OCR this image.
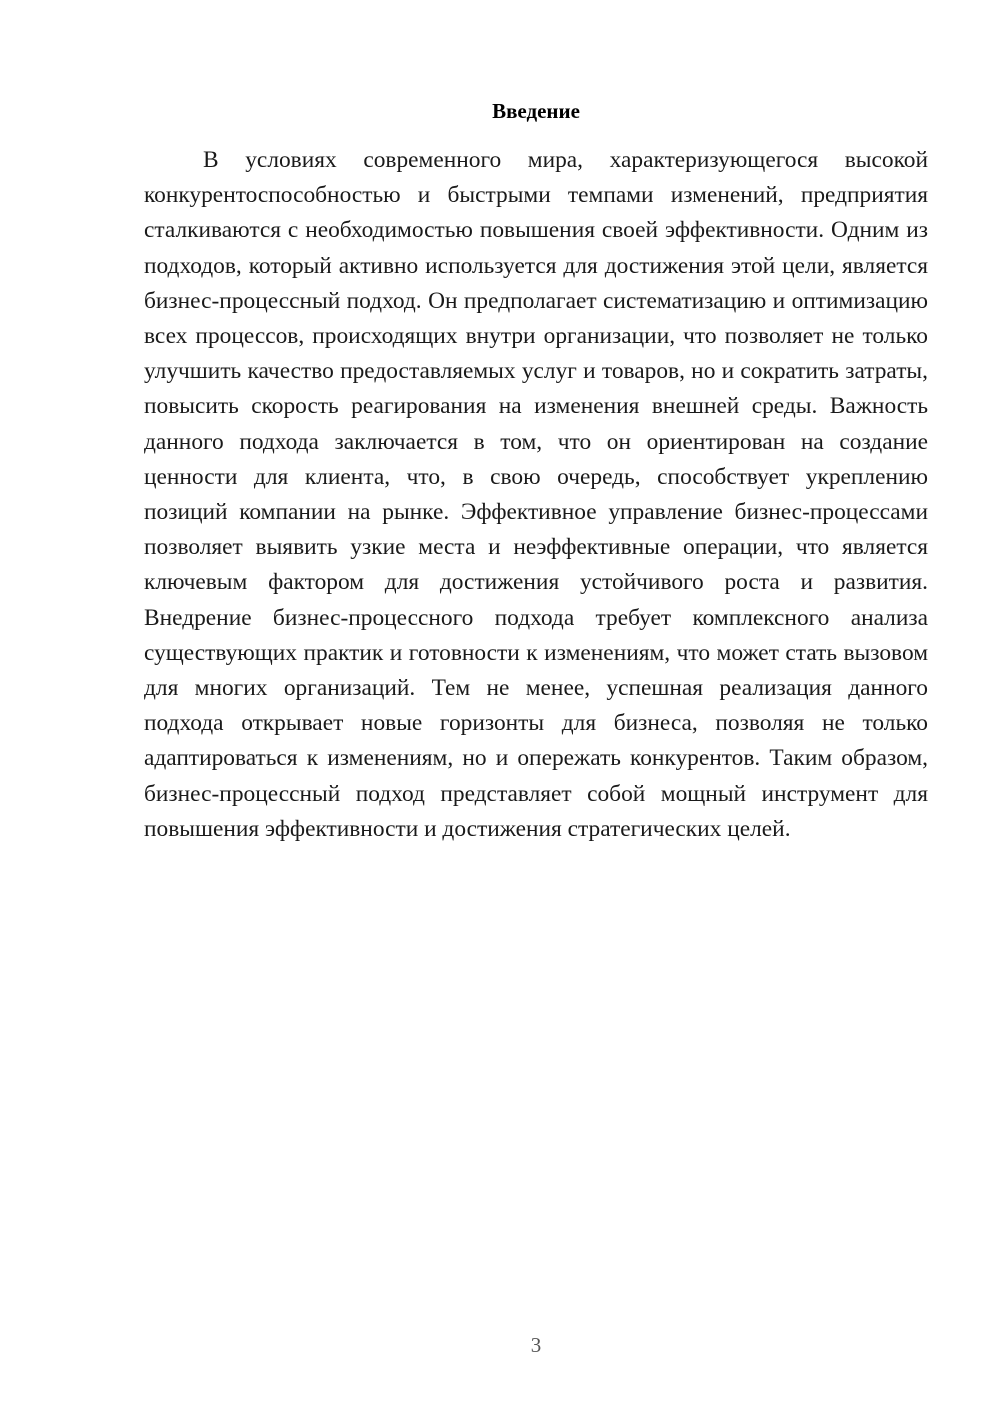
Введение

В условиях современного мира, характеризующегося высокой конкурентоспособностью и быстрыми темпами изменений, предприятия сталкиваются с необходимостью повышения своей эффективности. Одним из подходов, который активно используется для достижения этой цели, является бизнес-процессный подход. Он предполагает систематизацию и оптимизацию всех процессов, происходящих внутри организации, что позволяет не только улучшить качество предоставляемых услуг и товаров, но и сократить затраты, повысить скорость реагирования на изменения внешней среды. Важность данного подхода заключается в том, что он ориентирован на создание ценности для клиента, что, в свою очередь, способствует укреплению позиций компании на рынке. Эффективное управление бизнес-процессами позволяет выявить узкие места и неэффективные операции, что является ключевым фактором для достижения устойчивого роста и развития. Внедрение бизнес-процессного подхода требует комплексного анализа существующих практик и готовности к изменениям, что может стать вызовом для многих организаций. Тем не менее, успешная реализация данного подхода открывает новые горизонты для бизнеса, позволяя не только адаптироваться к изменениям, но и опережать конкурентов. Таким образом, бизнес-процессный подход представляет собой мощный инструмент для повышения эффективности и достижения стратегических целей.

3
